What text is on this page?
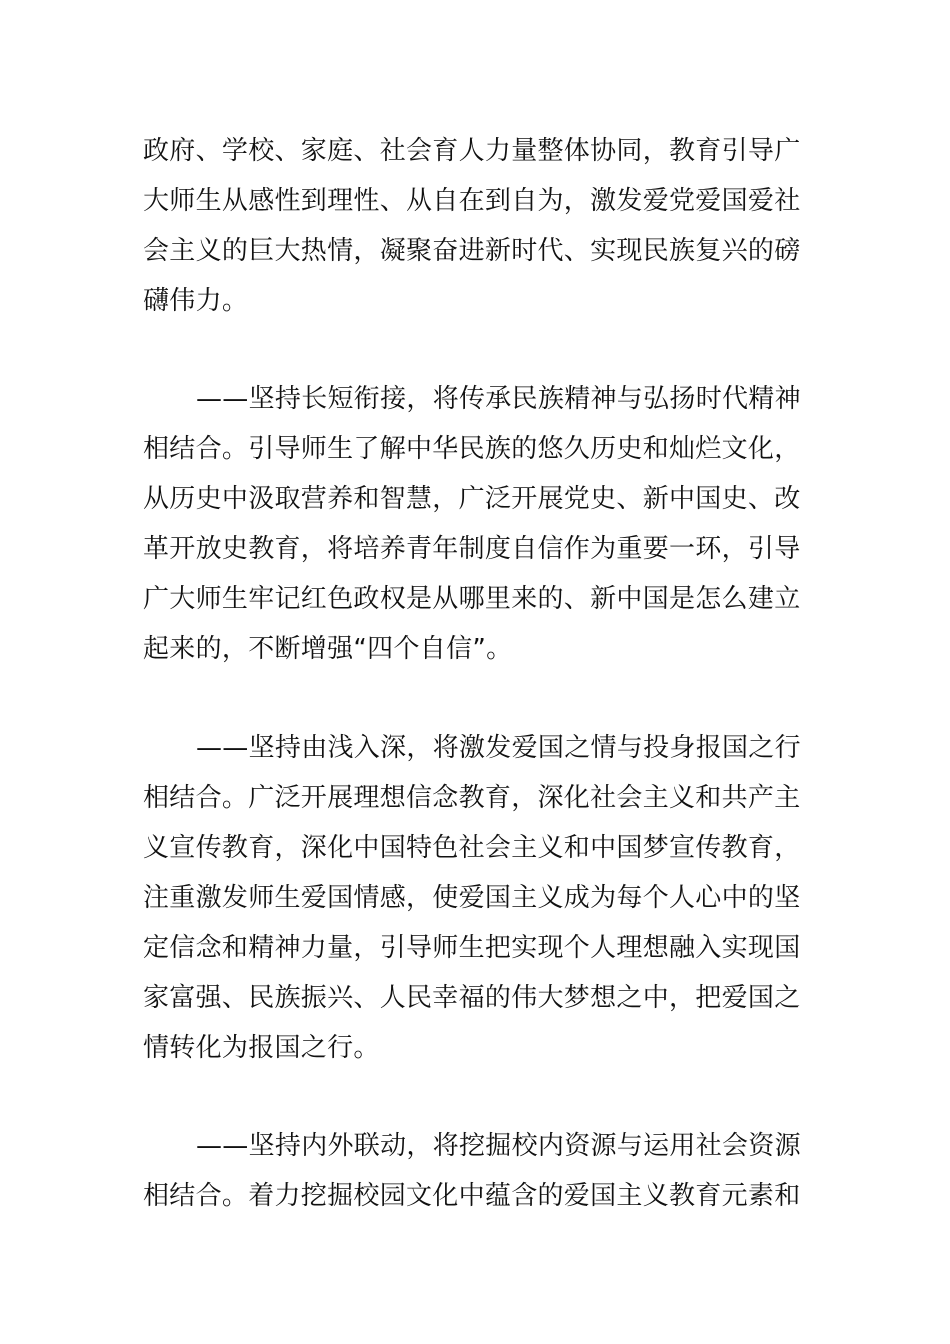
政府、学校、家庭、社会育人力量整体协同，教育引导广
大师生从感性到理性、从自在到自为，激发爱党爱国爱社
会主义的巨大热情，凝聚奋进新时代、实现民族复兴的磅
礴伟力。
——坚持长短衔接，将传承民族精神与弘扬时代精神
相结合。引导师生了解中华民族的悠久历史和灿烂文化，
从历史中汲取营养和智慧，广泛开展党史、新中国史、改
革开放史教育，将培养青年制度自信作为重要一环，引导
广大师生牢记红色政权是从哪里来的、新中国是怎么建立
起来的，不断增强“四个自信”。
——坚持由浅入深，将激发爱国之情与投身报国之行
相结合。广泛开展理想信念教育，深化社会主义和共产主
义宣传教育，深化中国特色社会主义和中国梦宣传教育，
注重激发师生爱国情感，使爱国主义成为每个人心中的坚
定信念和精神力量，引导师生把实现个人理想融入实现国
家富强、民族振兴、人民幸福的伟大梦想之中，把爱国之
情转化为报国之行。
——坚持内外联动，将挖掘校内资源与运用社会资源
相结合。着力挖掘校园文化中蕴含的爱国主义教育元素和
